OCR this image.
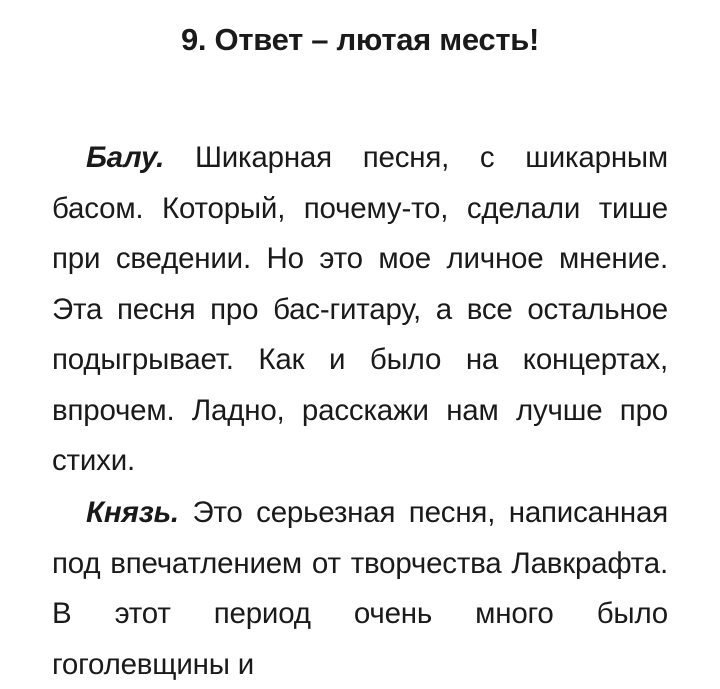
9. Ответ – лютая месть!

Балу. Шикарная песня, с шикарным басом. Который, почему-то, сделали тише при сведении. Но это мое личное мнение. Эта песня про бас-гитару, а все остальное подыгрывает. Как и было на концертах, впрочем. Ладно, расскажи нам лучше про стихи.

Князь. Это серьезная песня, написанная под впечатлением от творчества Лавкрафта. В этот период очень много было гоголевщины и
